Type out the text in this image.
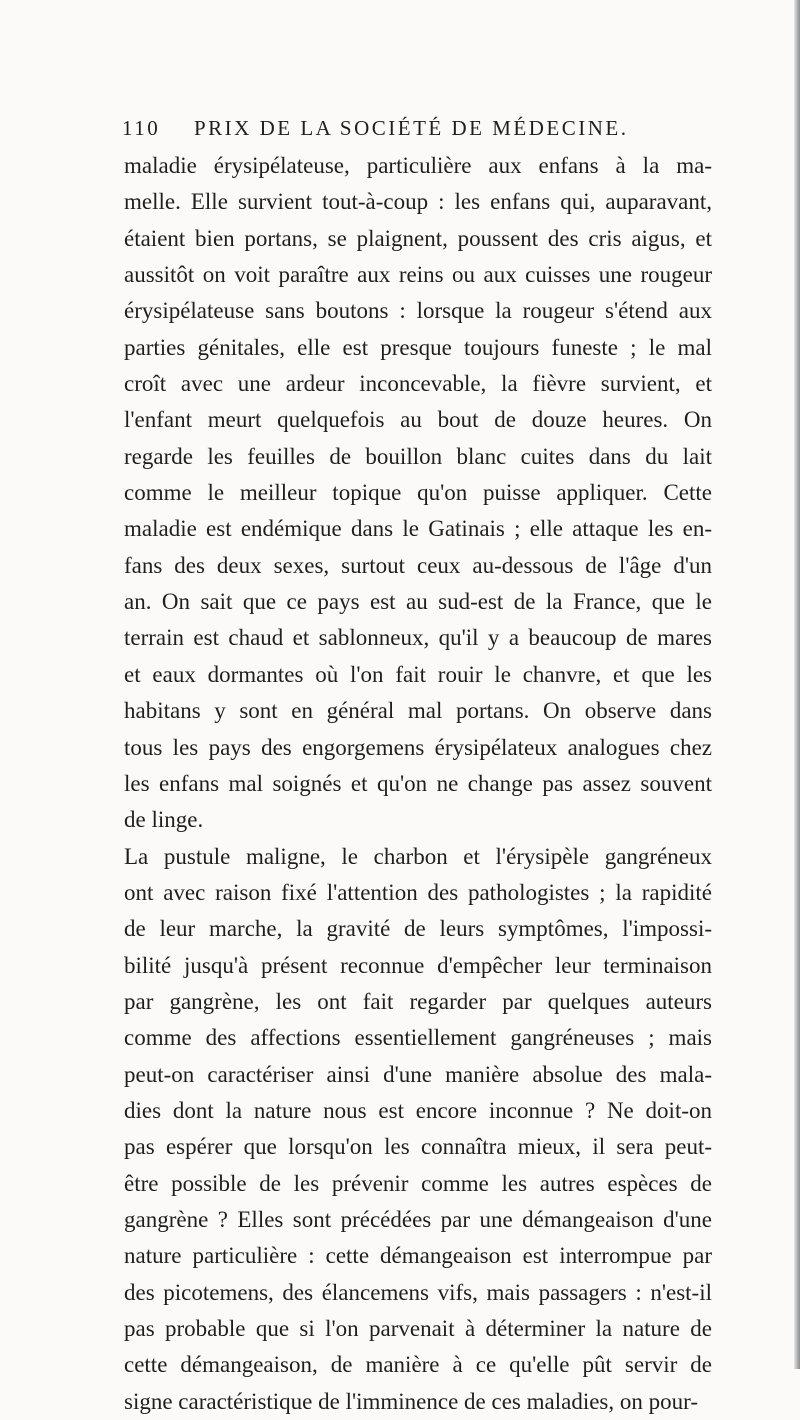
110 PRIX DE LA SOCIÉTÉ DE MÉDECINE.
maladie érysipélateuse, particulière aux enfans à la ma-
melle. Elle survient tout-à-coup : les enfans qui, auparavant,
étaient bien portans, se plaignent, poussent des cris aigus, et
aussitôt on voit paraître aux reins ou aux cuisses une rougeur
érysipélateuse sans boutons : lorsque la rougeur s'étend aux
parties génitales, elle est presque toujours funeste ; le mal
croît avec une ardeur inconcevable, la fièvre survient, et
l'enfant meurt quelquefois au bout de douze heures. On
regarde les feuilles de bouillon blanc cuites dans du lait
comme le meilleur topique qu'on puisse appliquer. Cette
maladie est endémique dans le Gatinais ; elle attaque les en-
fans des deux sexes, surtout ceux au-dessous de l'âge d'un
an. On sait que ce pays est au sud-est de la France, que le
terrain est chaud et sablonneux, qu'il y a beaucoup de mares
et eaux dormantes où l'on fait rouir le chanvre, et que les
habitans y sont en général mal portans. On observe dans
tous les pays des engorgemens érysipélateux analogues chez
les enfans mal soignés et qu'on ne change pas assez souvent
de linge.
La pustule maligne, le charbon et l'érysipèle gangréneux
ont avec raison fixé l'attention des pathologistes ; la rapidité
de leur marche, la gravité de leurs symptômes, l'impossi-
bilité jusqu'à présent reconnue d'empêcher leur terminaison
par gangrène, les ont fait regarder par quelques auteurs
comme des affections essentiellement gangréneuses ; mais
peut-on caractériser ainsi d'une manière absolue des mala-
dies dont la nature nous est encore inconnue ? Ne doit-on
pas espérer que lorsqu'on les connaîtra mieux, il sera peut-
être possible de les prévenir comme les autres espèces de
gangrène ? Elles sont précédées par une démangeaison d'une
nature particulière : cette démangeaison est interrompue par
des picotemens, des élancemens vifs, mais passagers : n'est-il
pas probable que si l'on parvenait à déterminer la nature de
cette démangeaison, de manière à ce qu'elle pût servir de
signe caractéristique de l'imminence de ces maladies, on pour-
